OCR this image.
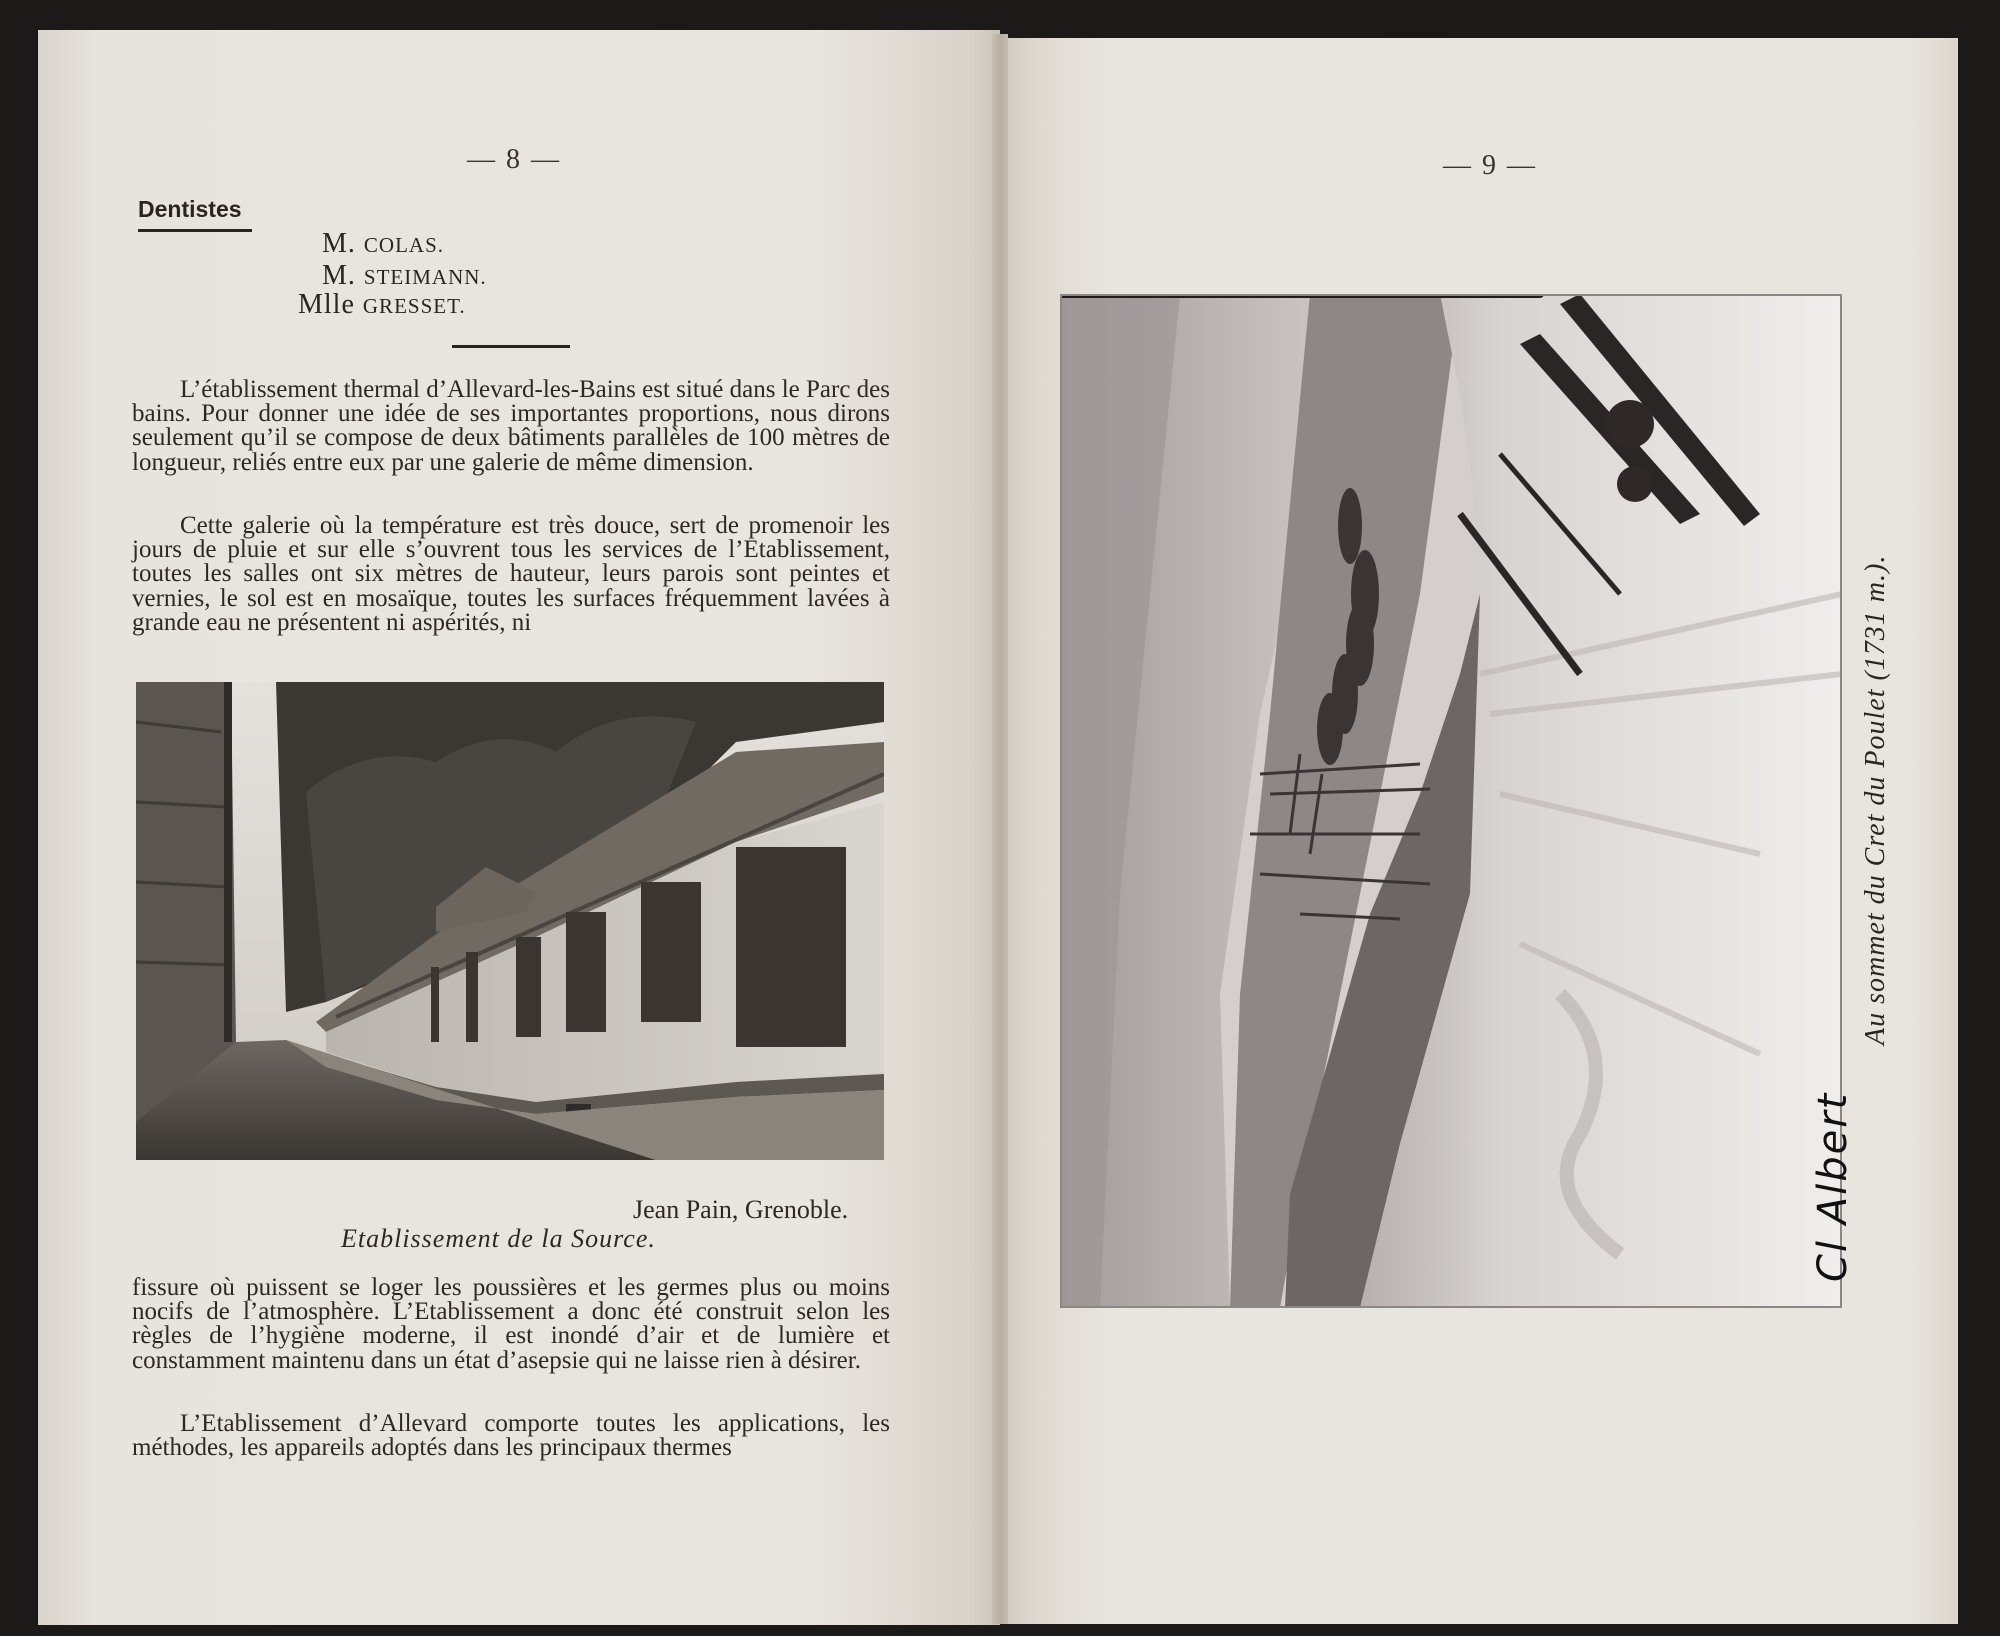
— 8 —
Dentistes
M. COLAS.
M. STEIMANN.
Mlle GRESSET.
L’établissement thermal d’Allevard-les-Bains est situé dans le Parc des bains. Pour donner une idée de ses importantes proportions, nous dirons seulement qu’il se compose de deux bâtiments parallèles de 100 mètres de longueur, reliés entre eux par une galerie de même dimension.
Cette galerie où la température est très douce, sert de promenoir les jours de pluie et sur elle s’ouvrent tous les services de l’Etablissement, toutes les salles ont six mètres de hauteur, leurs parois sont peintes et vernies, le sol est en mosaïque, toutes les surfaces fréquemment lavées à grande eau ne présentent ni aspérités, ni
Jean Pain, Grenoble.
Etablissement de la Source.
fissure où puissent se loger les poussières et les germes plus ou moins nocifs de l’atmosphère. L’Etablissement a donc été construit selon les règles de l’hygiène moderne, il est inondé d’air et de lumière et constamment maintenu dans un état d’asepsie qui ne laisse rien à désirer.
L’Etablissement d’Allevard comporte toutes les applications, les méthodes, les appareils adoptés dans les principaux thermes
— 9 —
Cl Albert
Au sommet du Cret du Poulet (1731 m.).
